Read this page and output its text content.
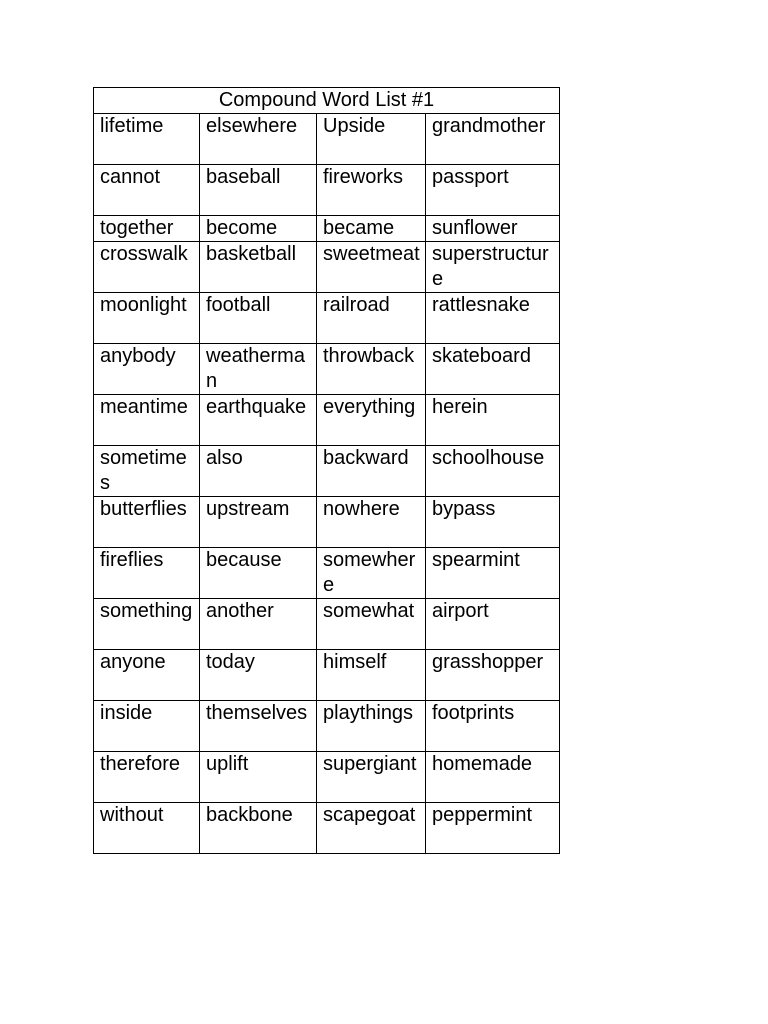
Compound Word List #1			
lifetime	elsewhere	Upside	grandmother
cannot	baseball	fireworks	passport
together	become	became	sunflower
crosswalk	basketball	sweetmeat	superstructure
moonlight	football	railroad	rattlesnake
anybody	weatherman	throwback	skateboard
meantime	earthquake	everything	herein
sometimes	also	backward	schoolhouse
butterflies	upstream	nowhere	bypass
fireflies	because	somewhere	spearmint
something	another	somewhat	airport
anyone	today	himself	grasshopper
inside	themselves	playthings	footprints
therefore	uplift	supergiant	homemade
without	backbone	scapegoat	peppermint
